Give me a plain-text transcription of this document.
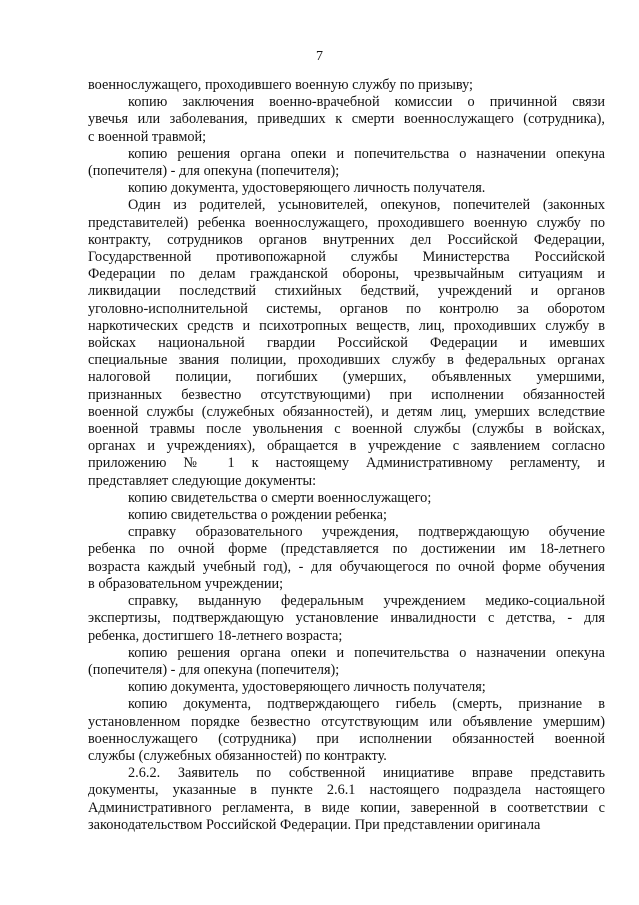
7
военнослужащего, проходившего военную службу по призыву;
копию заключения военно-врачебной комиссии о причинной связи
увечья или заболевания, приведших к смерти военнослужащего (сотрудника),
с военной травмой;
копию решения органа опеки и попечительства о назначении опекуна
(попечителя) - для опекуна (попечителя);
копию документа, удостоверяющего личность получателя.
Один из родителей, усыновителей, опекунов, попечителей (законных
представителей) ребенка военнослужащего, проходившего военную службу по
контракту, сотрудников органов внутренних дел Российской Федерации,
Государственной противопожарной службы Министерства Российской
Федерации по делам гражданской обороны, чрезвычайным ситуациям и
ликвидации последствий стихийных бедствий, учреждений и органов
уголовно-исполнительной системы, органов по контролю за оборотом
наркотических средств и психотропных веществ, лиц, проходивших службу в
войсках национальной гвардии Российской Федерации и имевших
специальные звания полиции, проходивших службу в федеральных органах
налоговой полиции, погибших (умерших, объявленных умершими,
признанных безвестно отсутствующими) при исполнении обязанностей
военной службы (служебных обязанностей), и детям лиц, умерших вследствие
военной травмы после увольнения с военной службы (службы в войсках,
органах и учреждениях), обращается в учреждение с заявлением согласно
приложению № 1 к настоящему Административному регламенту, и
представляет следующие документы:
копию свидетельства о смерти военнослужащего;
копию свидетельства о рождении ребенка;
справку образовательного учреждения, подтверждающую обучение
ребенка по очной форме (представляется по достижении им 18-летнего
возраста каждый учебный год), - для обучающегося по очной форме обучения
в образовательном учреждении;
справку, выданную федеральным учреждением медико-социальной
экспертизы, подтверждающую установление инвалидности с детства, - для
ребенка, достигшего 18-летнего возраста;
копию решения органа опеки и попечительства о назначении опекуна
(попечителя) - для опекуна (попечителя);
копию документа, удостоверяющего личность получателя;
копию документа, подтверждающего гибель (смерть, признание в
установленном порядке безвестно отсутствующим или объявление умершим)
военнослужащего (сотрудника) при исполнении обязанностей военной
службы (служебных обязанностей) по контракту.
2.6.2. Заявитель по собственной инициативе вправе представить
документы, указанные в пункте 2.6.1 настоящего подраздела настоящего
Административного регламента, в виде копии, заверенной в соответствии с
законодательством Российской Федерации. При представлении оригинала
